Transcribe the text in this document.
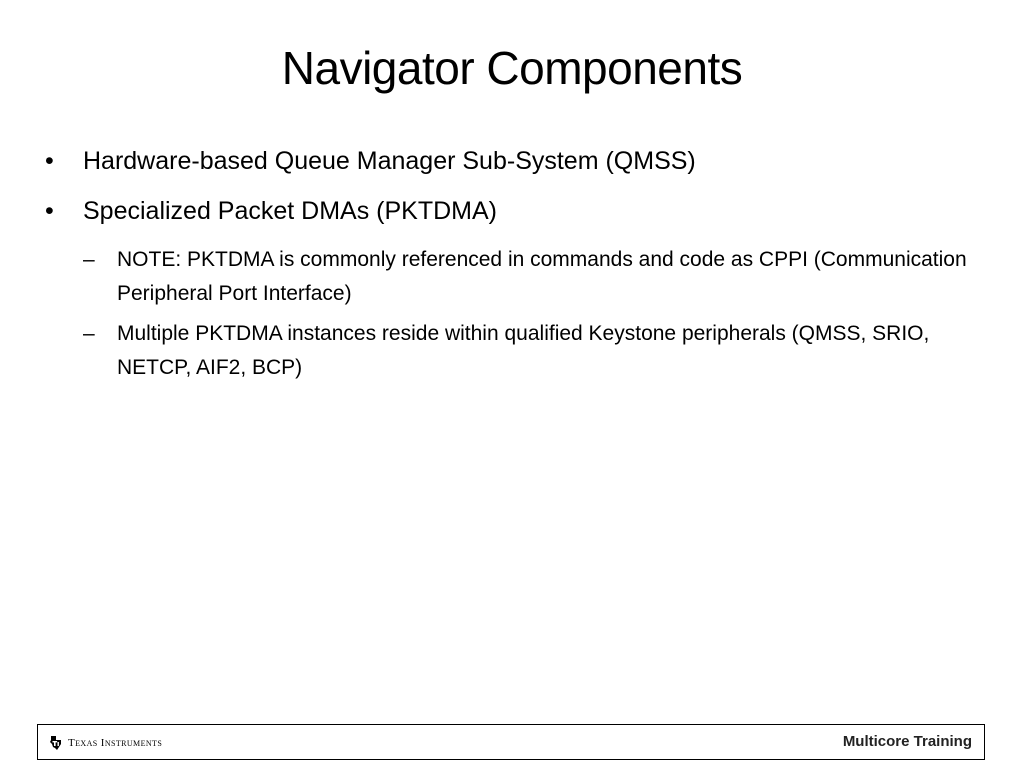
Navigator Components
•	Hardware-based Queue Manager Sub-System (QMSS)
•	Specialized Packet DMAs (PKTDMA)
–	NOTE: PKTDMA is commonly referenced in commands and code as CPPI (Communication Peripheral Port Interface)
–	Multiple PKTDMA instances reside within qualified Keystone peripherals (QMSS, SRIO, NETCP, AIF2, BCP)
Texas Instruments	Multicore Training
